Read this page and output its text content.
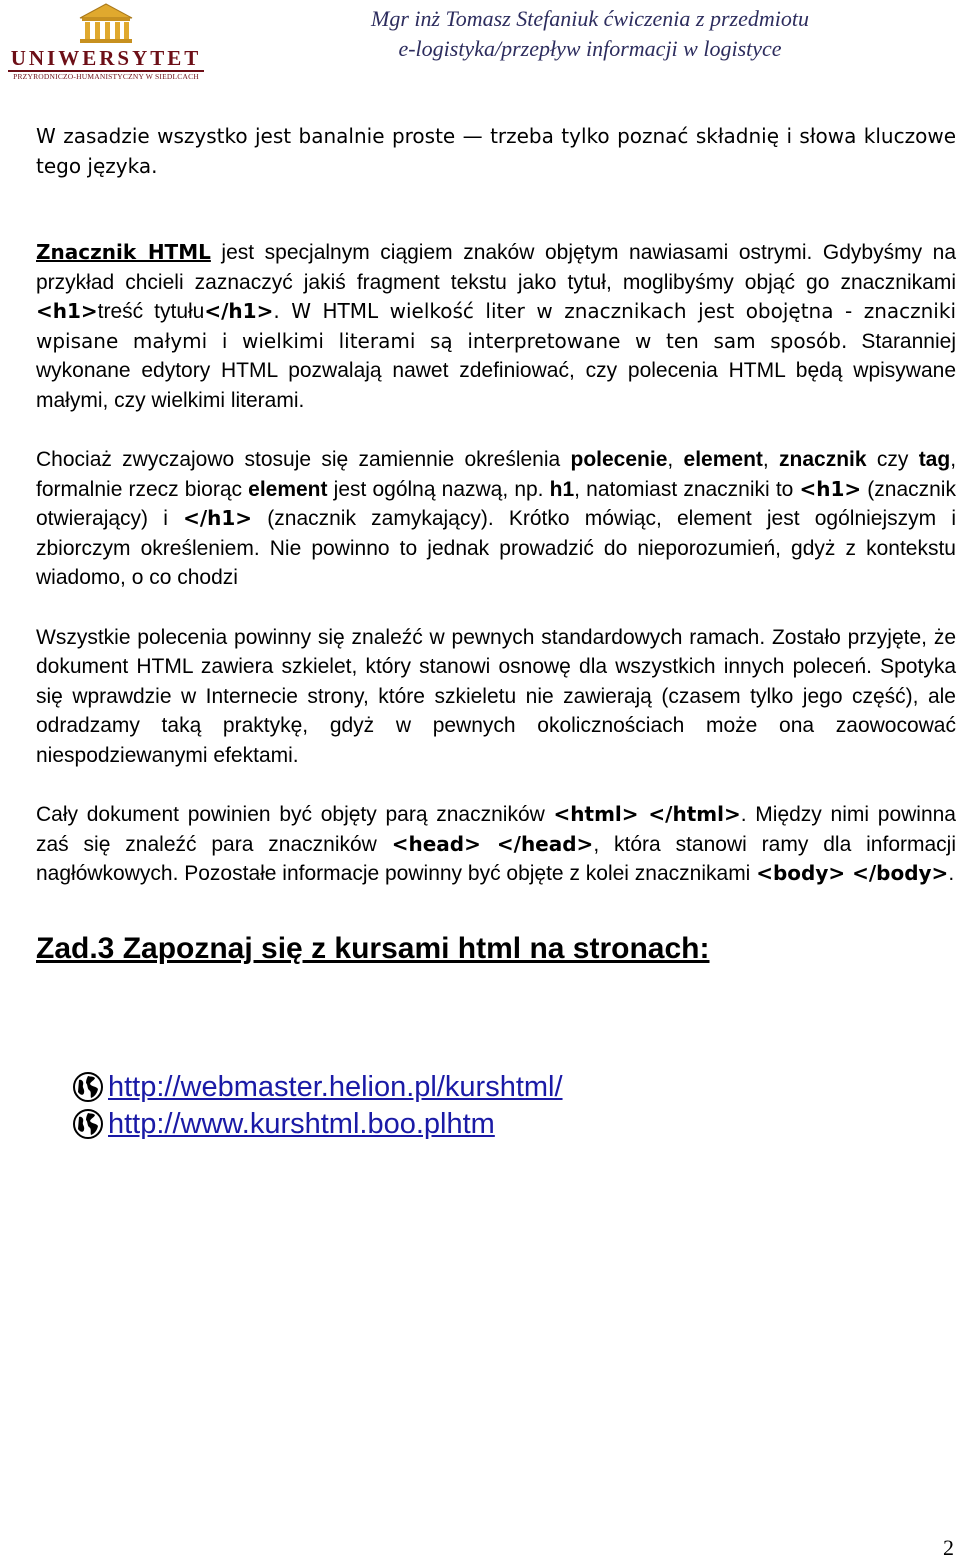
UNIWERSYTET
PRZYRODNICZO-HUMANISTYCZNY W SIEDLCACH
Mgr inż Tomasz Stefaniuk ćwiczenia z przedmiotu
e-logistyka/przepływ informacji w logistyce

W zasadzie wszystko jest banalnie proste — trzeba tylko poznać składnię i słowa kluczowe tego języka.

Znacznik HTML jest specjalnym ciągiem znaków objętym nawiasami ostrymi. Gdybyśmy na przykład chcieli zaznaczyć jakiś fragment tekstu jako tytuł, moglibyśmy objąć go znacznikami <h1>treść tytułu</h1>. W HTML wielkość liter w znacznikach jest obojętna - znaczniki wpisane małymi i wielkimi literami są interpretowane w ten sam sposób. Staranniej wykonane edytory HTML pozwalają nawet zdefiniować, czy polecenia HTML będą wpisywane małymi, czy wielkimi literami.

Chociaż zwyczajowo stosuje się zamiennie określenia polecenie, element, znacznik czy tag, formalnie rzecz biorąc element jest ogólną nazwą, np. h1, natomiast znaczniki to <h1> (znacznik otwierający) i </h1> (znacznik zamykający). Krótko mówiąc, element jest ogólniejszym i zbiorczym określeniem. Nie powinno to jednak prowadzić do nieporozumień, gdyż z kontekstu wiadomo, o co chodzi

Wszystkie polecenia powinny się znaleźć w pewnych standardowych ramach. Zostało przyjęte, że dokument HTML zawiera szkielet, który stanowi osnowę dla wszystkich innych poleceń. Spotyka się wprawdzie w Internecie strony, które szkieletu nie zawierają (czasem tylko jego część), ale odradzamy taką praktykę, gdyż w pewnych okolicznościach może ona zaowocować niespodziewanymi efektami.

Cały dokument powinien być objęty parą znaczników <html> </html>. Między nimi powinna zaś się znaleźć para znaczników <head> </head>, która stanowi ramy dla informacji nagłówkowych. Pozostałe informacje powinny być objęte z kolei znacznikami <body> </body>.

Zad.3 Zapoznaj się z kursami html na stronach:

http://webmaster.helion.pl/kurshtml/
http://www.kurshtml.boo.plhtm
2
